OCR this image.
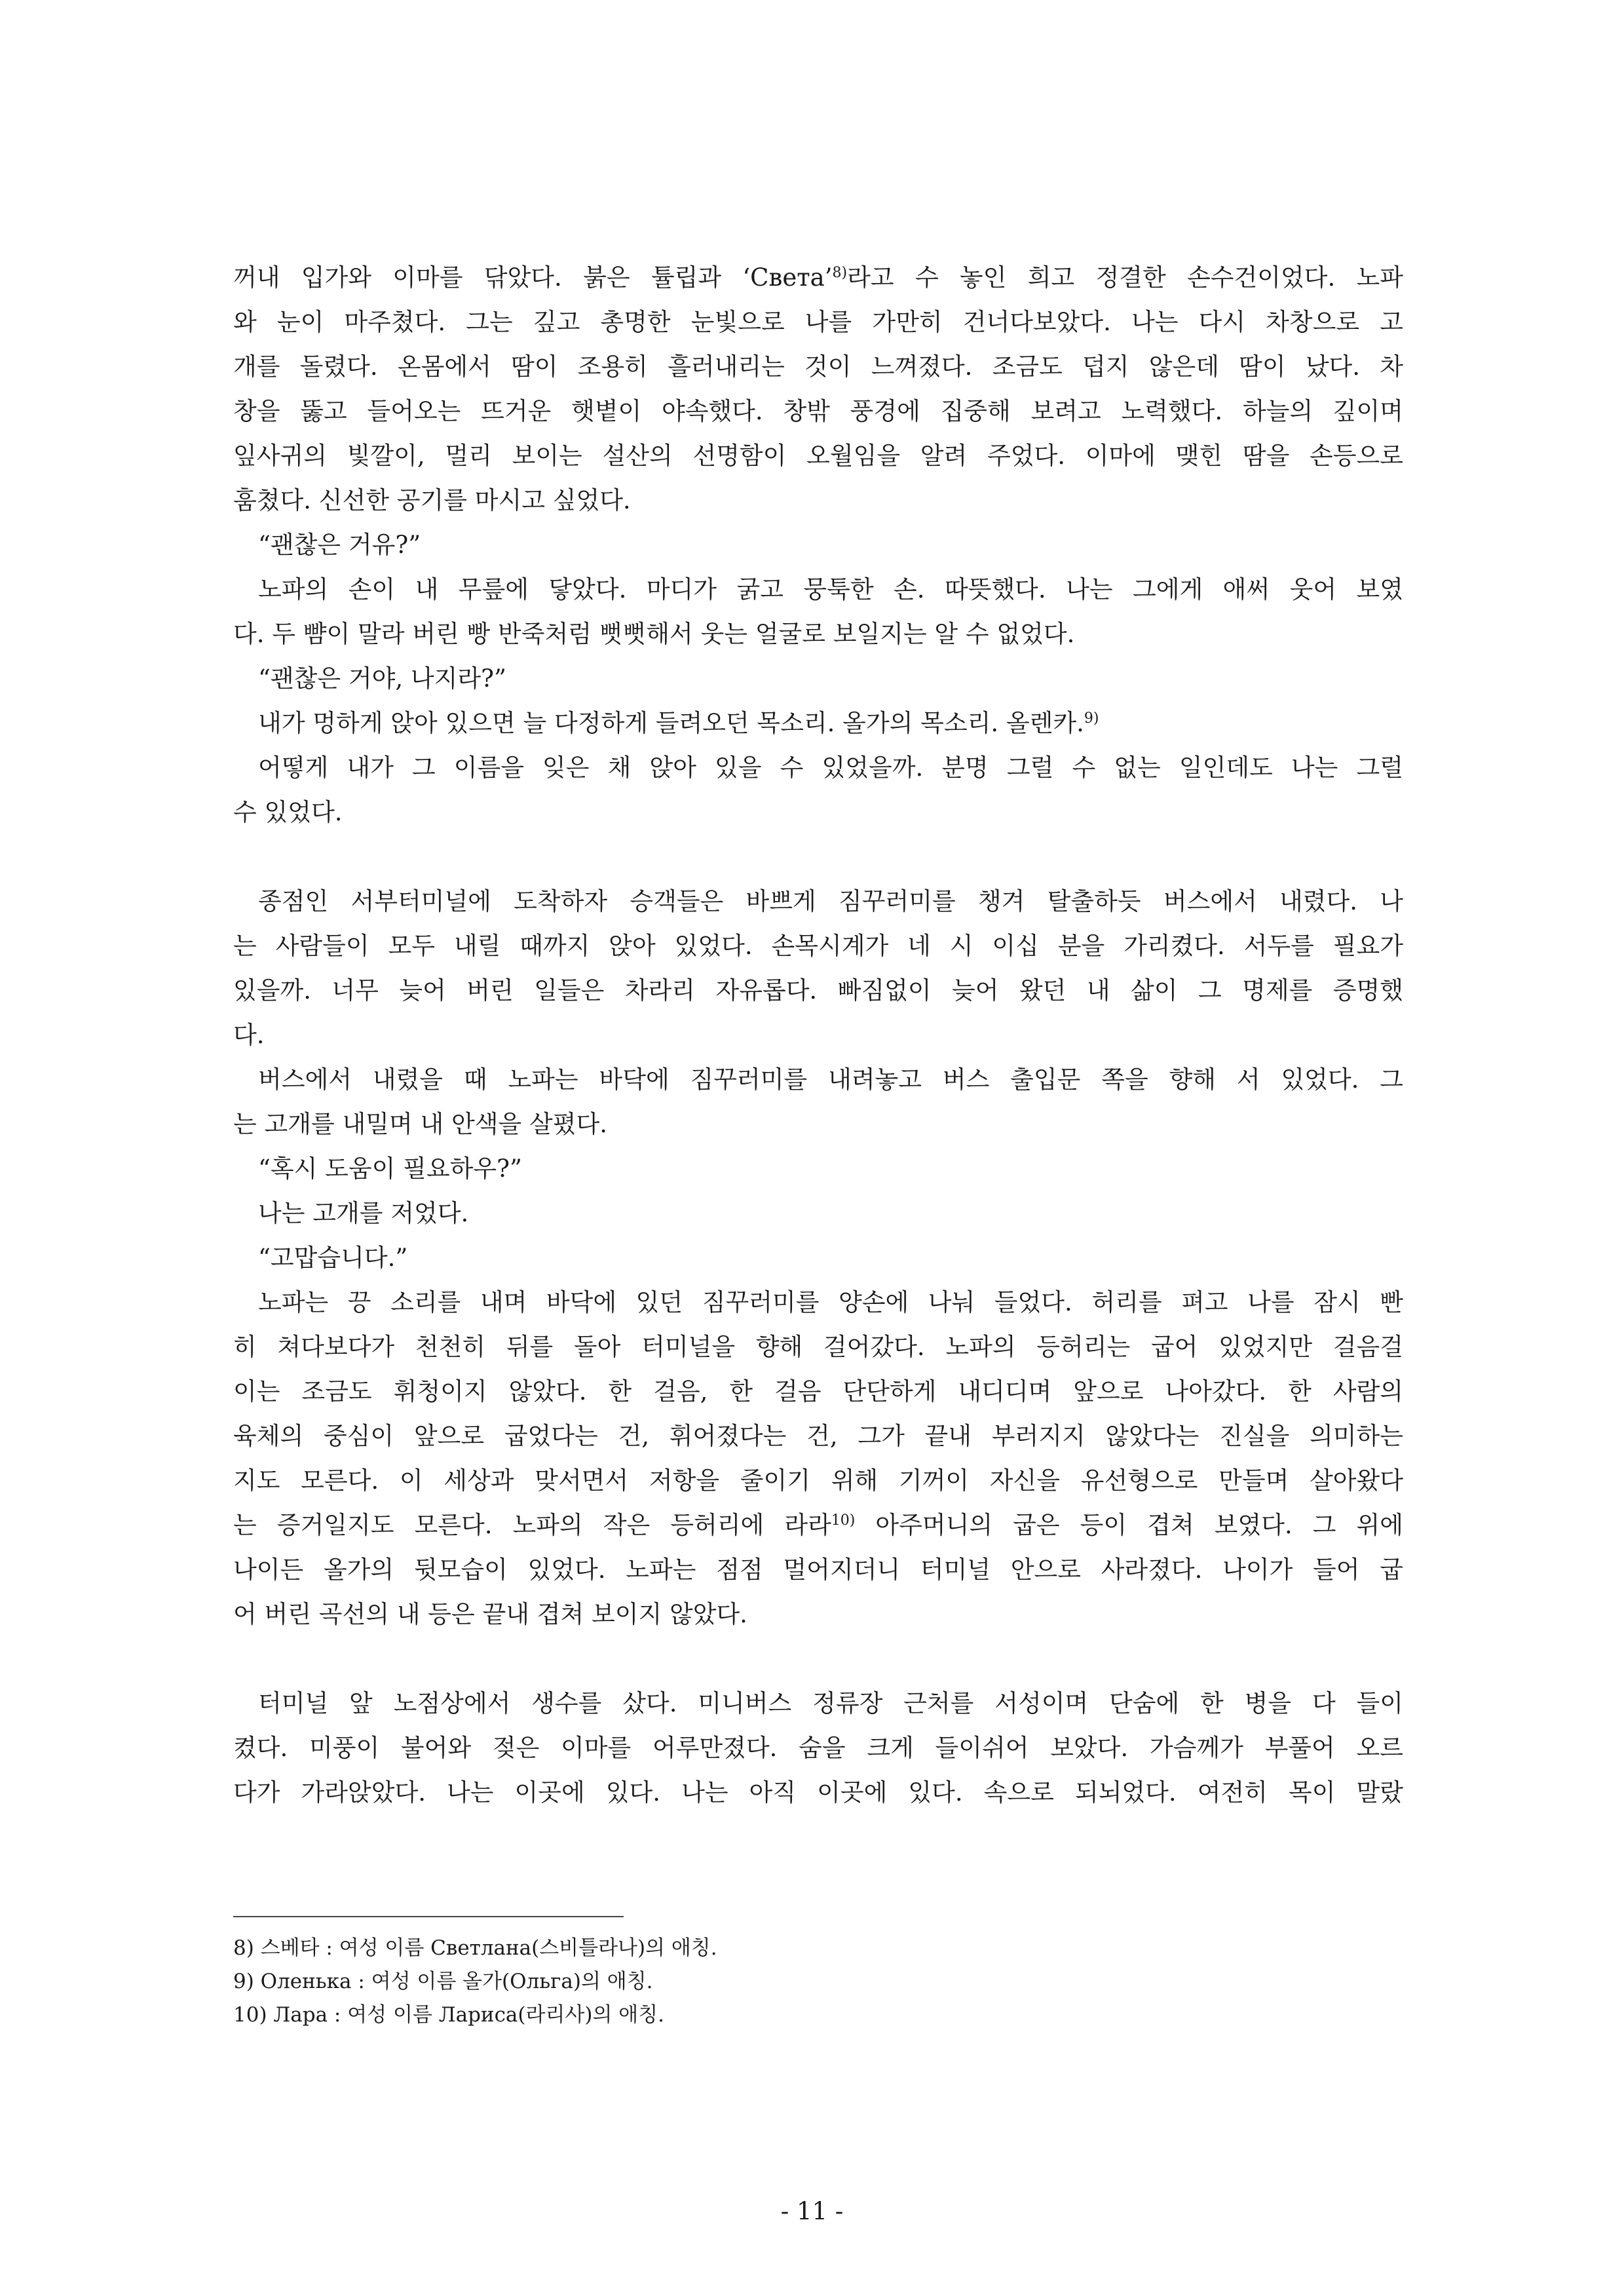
꺼내 입가와 이마를 닦았다. 붉은 튤립과 ‘Света’$^{8)}$라고 수 놓인 희고 정결한 손수건이었다. 노파
와 눈이 마주쳤다. 그는 깊고 총명한 눈빛으로 나를 가만히 건너다보았다. 나는 다시 차창으로 고
개를 돌렸다. 온몸에서 땀이 조용히 흘러내리는 것이 느껴졌다. 조금도 덥지 않은데 땀이 났다. 차
창을 뚫고 들어오는 뜨거운 햇볕이 야속했다. 창밖 풍경에 집중해 보려고 노력했다. 하늘의 깊이며
잎사귀의 빛깔이, 멀리 보이는 설산의 선명함이 오월임을 알려 주었다. 이마에 맺힌 땀을 손등으로
훔쳤다. 신선한 공기를 마시고 싶었다.
“괜찮은 거유?”
노파의 손이 내 무릎에 닿았다. 마디가 굵고 뭉툭한 손. 따뜻했다. 나는 그에게 애써 웃어 보였
다. 두 뺨이 말라 버린 빵 반죽처럼 뻣뻣해서 웃는 얼굴로 보일지는 알 수 없었다.
“괜찮은 거야, 나지라?”
내가 멍하게 앉아 있으면 늘 다정하게 들려오던 목소리. 올가의 목소리. 올렌카.$^{9)}$
어떻게 내가 그 이름을 잊은 채 앉아 있을 수 있었을까. 분명 그럴 수 없는 일인데도 나는 그럴
수 있었다.
종점인 서부터미널에 도착하자 승객들은 바쁘게 짐꾸러미를 챙겨 탈출하듯 버스에서 내렸다. 나
는 사람들이 모두 내릴 때까지 앉아 있었다. 손목시계가 네 시 이십 분을 가리켰다. 서두를 필요가
있을까. 너무 늦어 버린 일들은 차라리 자유롭다. 빠짐없이 늦어 왔던 내 삶이 그 명제를 증명했
다.
버스에서 내렸을 때 노파는 바닥에 짐꾸러미를 내려놓고 버스 출입문 쪽을 향해 서 있었다. 그
는 고개를 내밀며 내 안색을 살폈다.
“혹시 도움이 필요하우?”
나는 고개를 저었다.
“고맙습니다.”
노파는 끙 소리를 내며 바닥에 있던 짐꾸러미를 양손에 나눠 들었다. 허리를 펴고 나를 잠시 빤
히 쳐다보다가 천천히 뒤를 돌아 터미널을 향해 걸어갔다. 노파의 등허리는 굽어 있었지만 걸음걸
이는 조금도 휘청이지 않았다. 한 걸음, 한 걸음 단단하게 내디디며 앞으로 나아갔다. 한 사람의
육체의 중심이 앞으로 굽었다는 건, 휘어졌다는 건, 그가 끝내 부러지지 않았다는 진실을 의미하는
지도 모른다. 이 세상과 맞서면서 저항을 줄이기 위해 기꺼이 자신을 유선형으로 만들며 살아왔다
는 증거일지도 모른다. 노파의 작은 등허리에 라라$^{10)}$ 아주머니의 굽은 등이 겹쳐 보였다. 그 위에
나이든 올가의 뒷모습이 있었다. 노파는 점점 멀어지더니 터미널 안으로 사라졌다. 나이가 들어 굽
어 버린 곡선의 내 등은 끝내 겹쳐 보이지 않았다.
터미널 앞 노점상에서 생수를 샀다. 미니버스 정류장 근처를 서성이며 단숨에 한 병을 다 들이
켰다. 미풍이 불어와 젖은 이마를 어루만졌다. 숨을 크게 들이쉬어 보았다. 가슴께가 부풀어 오르
다가 가라앉았다. 나는 이곳에 있다. 나는 아직 이곳에 있다. 속으로 되뇌었다. 여전히 목이 말랐
8) 스베타 : 여성 이름 Светлана(스비틀라나)의 애칭.
9) Оленька : 여성 이름 올가(Ольга)의 애칭.
10) Лара : 여성 이름 Лариса(라리사)의 애칭.
- 11 -
